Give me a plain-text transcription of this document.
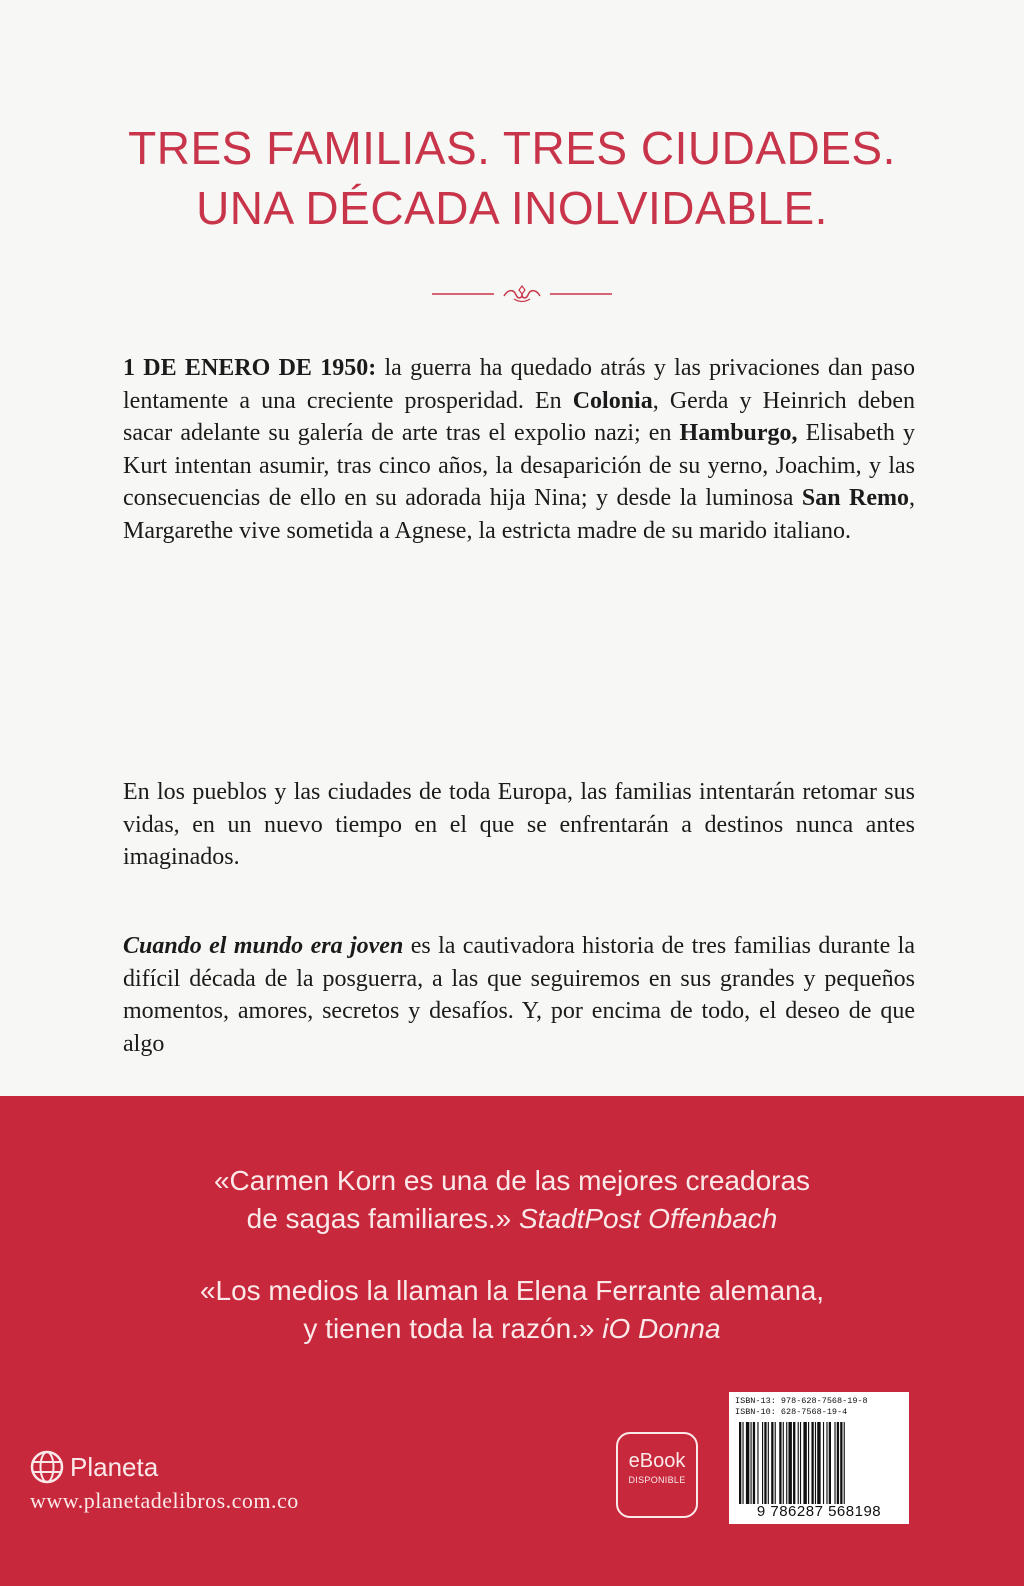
TRES FAMILIAS. TRES CIUDADES.
UNA DÉCADA INOLVIDABLE.
1 DE ENERO DE 1950: la guerra ha quedado atrás y las privaciones dan paso lentamente a una creciente prosperidad. En Colonia, Gerda y Heinrich deben sacar adelante su galería de arte tras el expolio nazi; en Hamburgo, Elisabeth y Kurt intentan asumir, tras cinco años, la desaparición de su yerno, Joachim, y las consecuencias de ello en su adorada hija Nina; y desde la luminosa San Remo, Margarethe vive sometida a Agnese, la estricta madre de su marido italiano.
En los pueblos y las ciudades de toda Europa, las familias intentarán retomar sus vidas, en un nuevo tiempo en el que se enfrentarán a destinos nunca antes imaginados.
Cuando el mundo era joven es la cautivadora historia de tres familias durante la difícil década de la posguerra, a las que seguiremos en sus grandes y pequeños momentos, amores, secretos y desafíos. Y, por encima de todo, el deseo de que algo
«Carmen Korn es una de las mejores creadoras
de sagas familiares.» StadtPost Offenbach
«Los medios la llaman la Elena Ferrante alemana,
y tienen toda la razón.» iO Donna
Planeta
www.planetadelibros.com.co
eBook
DISPONIBLE
ISBN-13: 978-628-7568-19-8
ISBN-10: 628-7568-19-4
9 786287 568198
